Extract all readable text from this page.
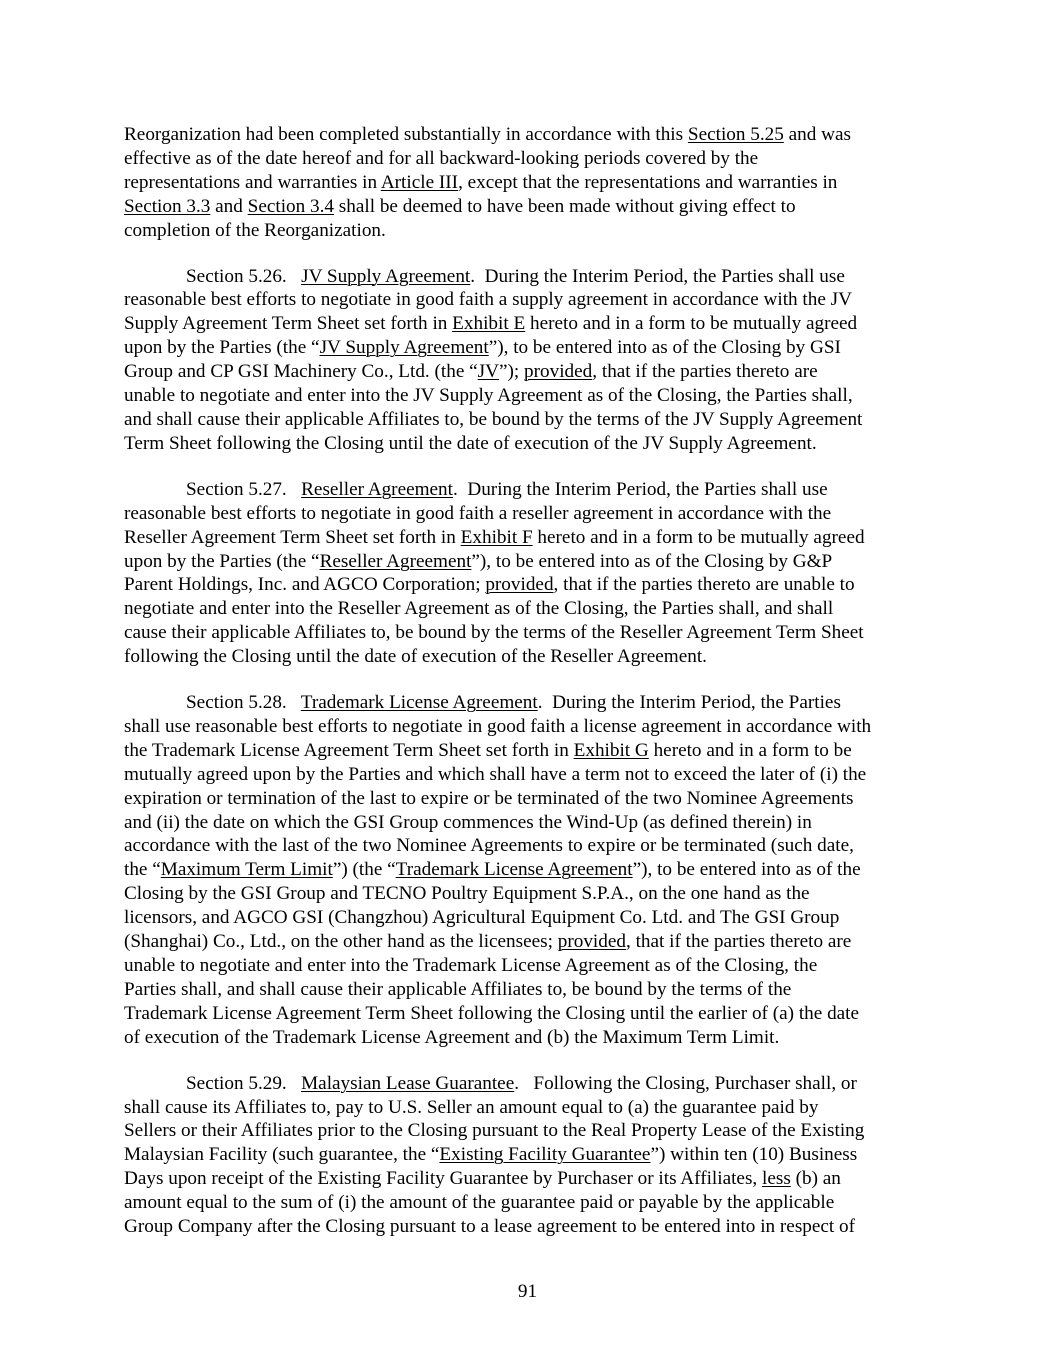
Reorganization had been completed substantially in accordance with this Section 5.25 and was
effective as of the date hereof and for all backward-looking periods covered by the
representations and warranties in Article III, except that the representations and warranties in
Section 3.3 and Section 3.4 shall be deemed to have been made without giving effect to
completion of the Reorganization.
Section 5.26.   JV Supply Agreement.  During the Interim Period, the Parties shall use
reasonable best efforts to negotiate in good faith a supply agreement in accordance with the JV
Supply Agreement Term Sheet set forth in Exhibit E hereto and in a form to be mutually agreed
upon by the Parties (the “JV Supply Agreement”), to be entered into as of the Closing by GSI
Group and CP GSI Machinery Co., Ltd. (the “JV”); provided, that if the parties thereto are
unable to negotiate and enter into the JV Supply Agreement as of the Closing, the Parties shall,
and shall cause their applicable Affiliates to, be bound by the terms of the JV Supply Agreement
Term Sheet following the Closing until the date of execution of the JV Supply Agreement.
Section 5.27.   Reseller Agreement.  During the Interim Period, the Parties shall use
reasonable best efforts to negotiate in good faith a reseller agreement in accordance with the
Reseller Agreement Term Sheet set forth in Exhibit F hereto and in a form to be mutually agreed
upon by the Parties (the “Reseller Agreement”), to be entered into as of the Closing by G&P
Parent Holdings, Inc. and AGCO Corporation; provided, that if the parties thereto are unable to
negotiate and enter into the Reseller Agreement as of the Closing, the Parties shall, and shall
cause their applicable Affiliates to, be bound by the terms of the Reseller Agreement Term Sheet
following the Closing until the date of execution of the Reseller Agreement.
Section 5.28.   Trademark License Agreement.  During the Interim Period, the Parties
shall use reasonable best efforts to negotiate in good faith a license agreement in accordance with
the Trademark License Agreement Term Sheet set forth in Exhibit G hereto and in a form to be
mutually agreed upon by the Parties and which shall have a term not to exceed the later of (i) the
expiration or termination of the last to expire or be terminated of the two Nominee Agreements
and (ii) the date on which the GSI Group commences the Wind-Up (as defined therein) in
accordance with the last of the two Nominee Agreements to expire or be terminated (such date,
the “Maximum Term Limit”) (the “Trademark License Agreement”), to be entered into as of the
Closing by the GSI Group and TECNO Poultry Equipment S.P.A., on the one hand as the
licensors, and AGCO GSI (Changzhou) Agricultural Equipment Co. Ltd. and The GSI Group
(Shanghai) Co., Ltd., on the other hand as the licensees; provided, that if the parties thereto are
unable to negotiate and enter into the Trademark License Agreement as of the Closing, the
Parties shall, and shall cause their applicable Affiliates to, be bound by the terms of the
Trademark License Agreement Term Sheet following the Closing until the earlier of (a) the date
of execution of the Trademark License Agreement and (b) the Maximum Term Limit.
Section 5.29.   Malaysian Lease Guarantee.   Following the Closing, Purchaser shall, or
shall cause its Affiliates to, pay to U.S. Seller an amount equal to (a) the guarantee paid by
Sellers or their Affiliates prior to the Closing pursuant to the Real Property Lease of the Existing
Malaysian Facility (such guarantee, the “Existing Facility Guarantee”) within ten (10) Business
Days upon receipt of the Existing Facility Guarantee by Purchaser or its Affiliates, less (b) an
amount equal to the sum of (i) the amount of the guarantee paid or payable by the applicable
Group Company after the Closing pursuant to a lease agreement to be entered into in respect of
91
